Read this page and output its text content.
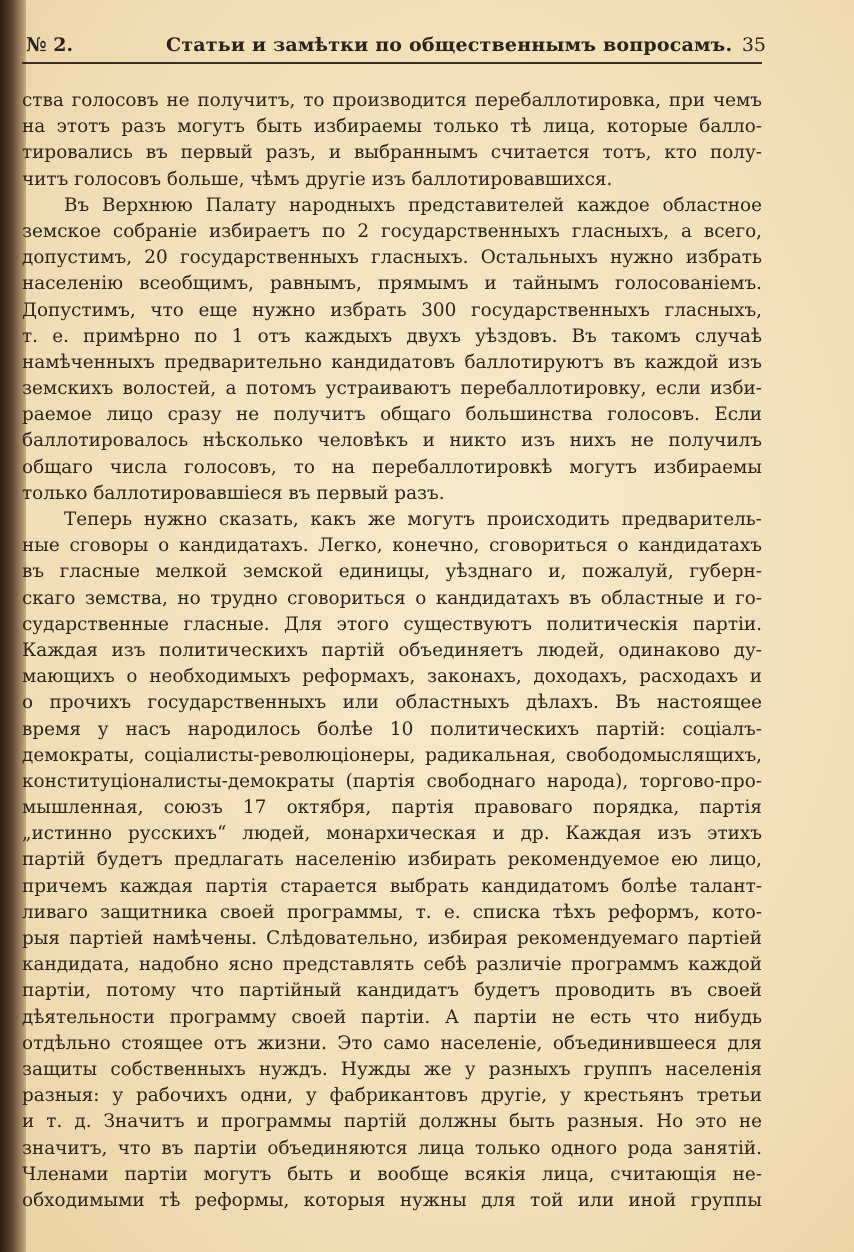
№ 2.	Статьи и замѣтки по общественнымъ вопросамъ. 35
ства голосовъ не получитъ, то производится перебаллотировка, при чемъ
на этотъ разъ могутъ быть избираемы только тѣ лица, которые балло-
тировались въ первый разъ, и выбраннымъ считается тотъ, кто полу-
читъ голосовъ больше, чѣмъ другіе изъ баллотировавшихся.
Въ Верхнюю Палату народныхъ представителей каждое областное
земское собраніе избираетъ по 2 государственныхъ гласныхъ, а всего,
допустимъ, 20 государственныхъ гласныхъ. Остальныхъ нужно избрать
населенію всеобщимъ, равнымъ, прямымъ и тайнымъ голосованіемъ.
Допустимъ, что еще нужно избрать 300 государственныхъ гласныхъ,
т. е. примѣрно по 1 отъ каждыхъ двухъ уѣздовъ. Въ такомъ случаѣ
намѣченныхъ предварительно кандидатовъ баллотируютъ въ каждой изъ
земскихъ волостей, а потомъ устраиваютъ перебаллотировку, если изби-
раемое лицо сразу не получитъ общаго большинства голосовъ. Если
баллотировалось нѣсколько человѣкъ и никто изъ нихъ не получилъ
общаго числа голосовъ, то на перебаллотировкѣ могутъ избираемы
только баллотировавшіеся въ первый разъ.
Теперь нужно сказать, какъ же могутъ происходить предваритель-
ные сговоры о кандидатахъ. Легко, конечно, сговориться о кандидатахъ
въ гласные мелкой земской единицы, уѣзднаго и, пожалуй, губерн-
скаго земства, но трудно сговориться о кандидатахъ въ областные и го-
сударственные гласные. Для этого существуютъ политическія партіи.
Каждая изъ политическихъ партій объединяетъ людей, одинаково ду-
мающихъ о необходимыхъ реформахъ, законахъ, доходахъ, расходахъ и
о прочихъ государственныхъ или областныхъ дѣлахъ. Въ настоящее
время у насъ народилось болѣе 10 политическихъ партій: соціалъ-
демократы, соціалисты-революціонеры, радикальная, свободомыслящихъ,
конституціоналисты-демократы (партія свободнаго народа), торгово-про-
мышленная, союзъ 17 октября, партія правоваго порядка, партія
„истинно русскихъ“ людей, монархическая и др. Каждая изъ этихъ
партій будетъ предлагать населенію избирать рекомендуемое ею лицо,
причемъ каждая партія старается выбрать кандидатомъ болѣе талант-
ливаго защитника своей программы, т. е. списка тѣхъ реформъ, кото-
рыя партіей намѣчены. Слѣдовательно, избирая рекомендуемаго партіей
кандидата, надобно ясно представлять себѣ различіе программъ каждой
партіи, потому что партійный кандидатъ будетъ проводить въ своей
дѣятельности программу своей партіи. А партіи не есть что нибудь
отдѣльно стоящее отъ жизни. Это само населеніе, объединившееся для
защиты собственныхъ нуждъ. Нужды же у разныхъ группъ населенія
разныя: у рабочихъ одни, у фабрикантовъ другіе, у крестьянъ третьи
и т. д. Значитъ и программы партій должны быть разныя. Но это не
значитъ, что въ партіи объединяются лица только одного рода занятій.
Членами партіи могутъ быть и вообще всякія лица, считающія не-
обходимыми тѣ реформы, которыя нужны для той или иной группы
